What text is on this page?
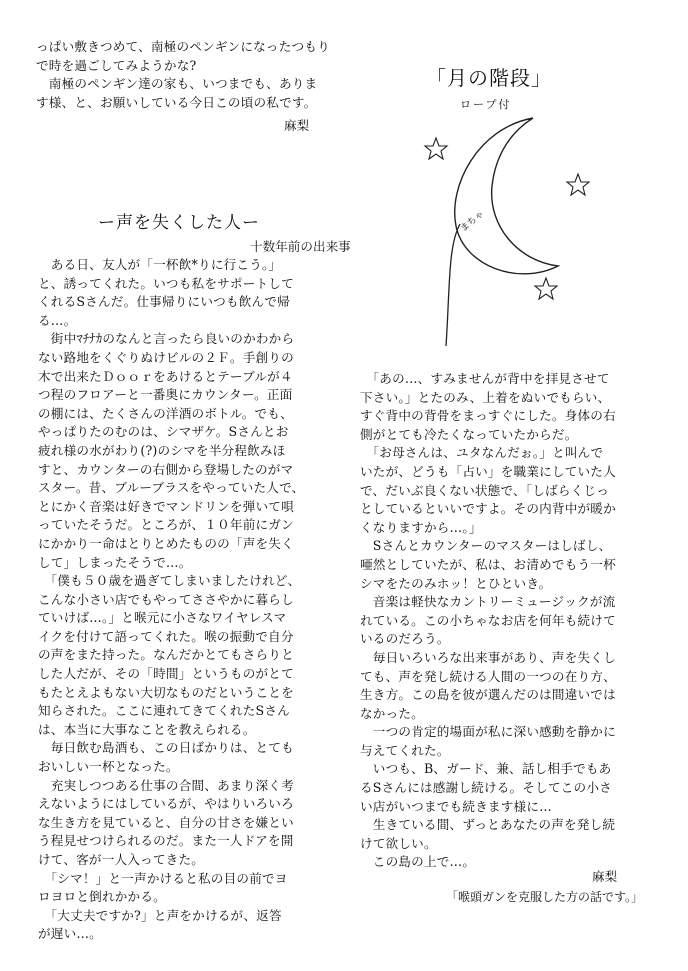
っぱい敷きつめて、南極のペンギンになったつもり

で時を過ごしてみようかな?

　南極のペンギン達の家も、いつまでも、ありま

す様、と、お願いしている今日この頃の私です。

麻梨
「月の階段」
ロープ付
まちゃ
ー声を失くした人ー
十数年前の出来事

　ある日、友人が「一杯飲*りに行こう。」

と、誘ってくれた。いつも私をサポートして

くれるSさんだ。仕事帰りにいつも飲んで帰

る…。

　街中ﾏﾁﾅｶのなんと言ったら良いのかわから

ない路地をくぐりぬけビルの２Ｆ。手創りの

木で出来たＤｏｏｒをあけるとテーブルが４

つ程のフロアーと一番奥にカウンター。正面

の棚には、たくさんの洋酒のボトル。でも、

やっぱりたのむのは、シマザケ。Sさんとお

疲れ様の水がわり(?)のシマを半分程飲みほ

すと、カウンターの右側から登場したのがマ

スター。昔、ブルーブラスをやっていた人で、

とにかく音楽は好きでマンドリンを弾いて唄

っていたそうだ。ところが、１０年前にガン

にかかり一命はとりとめたものの「声を失く

して」しまったそうで…。

　「僕も５０歳を過ぎてしまいましたけれど、

こんな小さい店でもやってささやかに暮らし

ていけば…。」と喉元に小さなワイヤレスマ

イクを付けて語ってくれた。喉の振動で自分

の声をまた持った。なんだかとてもさらりと

した人だが、その「時間」というものがとて

もたとえよもない大切なものだということを

知らされた。ここに連れてきてくれたSさん

は、本当に大事なことを教えられる。

　毎日飲む島酒も、この日ばかりは、とても

おいしい一杯となった。

　充実しつつある仕事の合間、あまり深く考

えないようにはしているが、やはりいろいろ

な生き方を見ていると、自分の甘さを嫌とい

う程見せつけられるのだ。また一人ドアを開

けて、客が一人入ってきた。

　「シマ！」と一声かけると私の目の前でヨ

ロヨロと倒れかかる。

　「大丈夫ですか?」と声をかけるが、返答

が遅い…。

　「あの…、すみませんが背中を拝見させて

下さい。」とたのみ、上着をぬいでもらい、

すぐ背中の背骨をまっすぐにした。身体の右

側がとても冷たくなっていたからだ。

　「お母さんは、ユタなんだぉ。」と叫んで

いたが、どうも「占い」を職業にしていた人

で、だいぶ良くない状態で、「しばらくじっ

としているといいですよ。その内背中が暖か

くなりますから…。」

　Sさんとカウンターのマスターはしばし、

唖然としていたが、私は、お清めでもう一杯

シマをたのみホッ！とひといき。

　音楽は軽快なカントリーミュージックが流

れている。この小ちゃなお店を何年も続けて

いるのだろう。

　毎日いろいろな出来事があり、声を失くし

ても、声を発し続ける人間の一つの在り方、

生き方。この島を彼が選んだのは間違いでは

なかった。

　一つの肯定的場面が私に深い感動を静かに

与えてくれた。

　いつも、B、ガード、兼、話し相手でもあ

るSさんには感謝し続ける。そしてこの小さ

い店がいつまでも続きます様に…

　生きている間、ずっとあなたの声を発し続

けて欲しい。

　この島の上で…。

麻梨
「喉頭ガンを克服した方の話です。」
